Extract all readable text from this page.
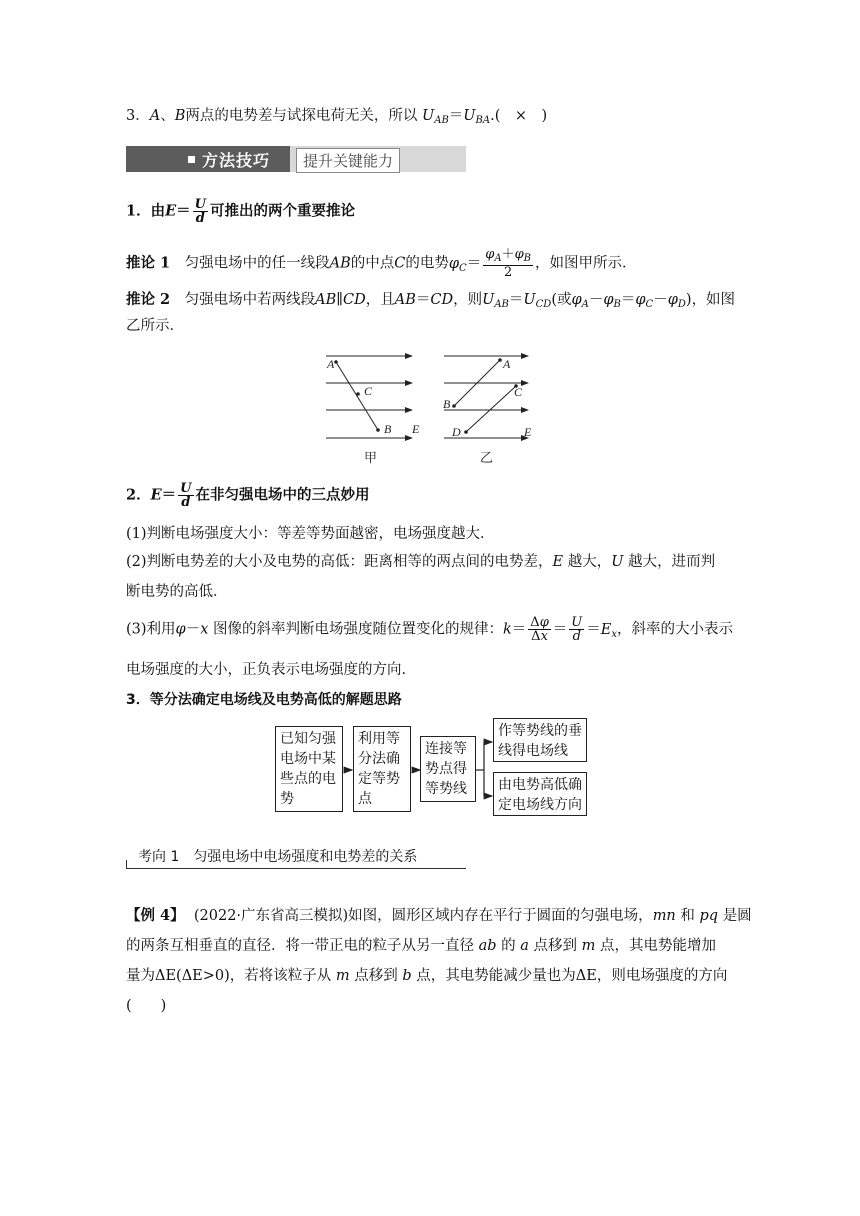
3．A、B两点的电势差与试探电荷无关，所以 $U_{AB}=U_{BA}$.(　×　)
方法技巧	提升关键能力
1．由$E= \frac{U}{d}$ 可推出的两个重要推论
推论 1　 匀强电场中的任一线段AB的中点C的电势$\varphi_C= \frac{\varphi_A+\varphi_B}{2}$ ，如图甲所示．
推论 2　 匀强电场中若两线段AB∥CD，且AB＝CD，则$U_{AB}=U_{CD}$(或$\varphi_A-\varphi_B=\varphi_C-\varphi_D$)，如图
乙所示．
A
C
B E
甲
A
B
C
D	E
乙
2．$E= \frac{U}{d}$ 在非匀强电场中的三点妙用
(1)判断电场强度大小：等差等势面越密，电场强度越大．
(2)判断电势差的大小及电势的高低：距离相等的两点间的电势差，E 越大，U 越大，进而判
断电势的高低．
(3)利用φ－x 图像的斜率判断电场强度随位置变化的规律：$k= \frac{\Delta\varphi}{\Delta x} = \frac{U}{d} =E_x$，斜率的大小表示
电场强度的大小，正负表示电场强度的方向．
3．等分法确定电场线及电势高低的解题思路
已知匀强
电场中某
些点的电
势
利用等
分法确
定等势
点
连接等
势点得
等势线
作等势线的垂
线得电场线
由电势高低确
定电场线方向
考向 1　匀强电场中电场强度和电势差的关系
【例 4】 (2022·广东省高三模拟)如图，圆形区域内存在平行于圆面的匀强电场，mn 和 pq 是圆
的两条互相垂直的直径．将一带正电的粒子从另一直径 ab 的 a 点移到 m 点，其电势能增加
量为ΔE(ΔE>0)，若将该粒子从 m 点移到 b 点，其电势能减少量也为ΔE，则电场强度的方向
(　　)
